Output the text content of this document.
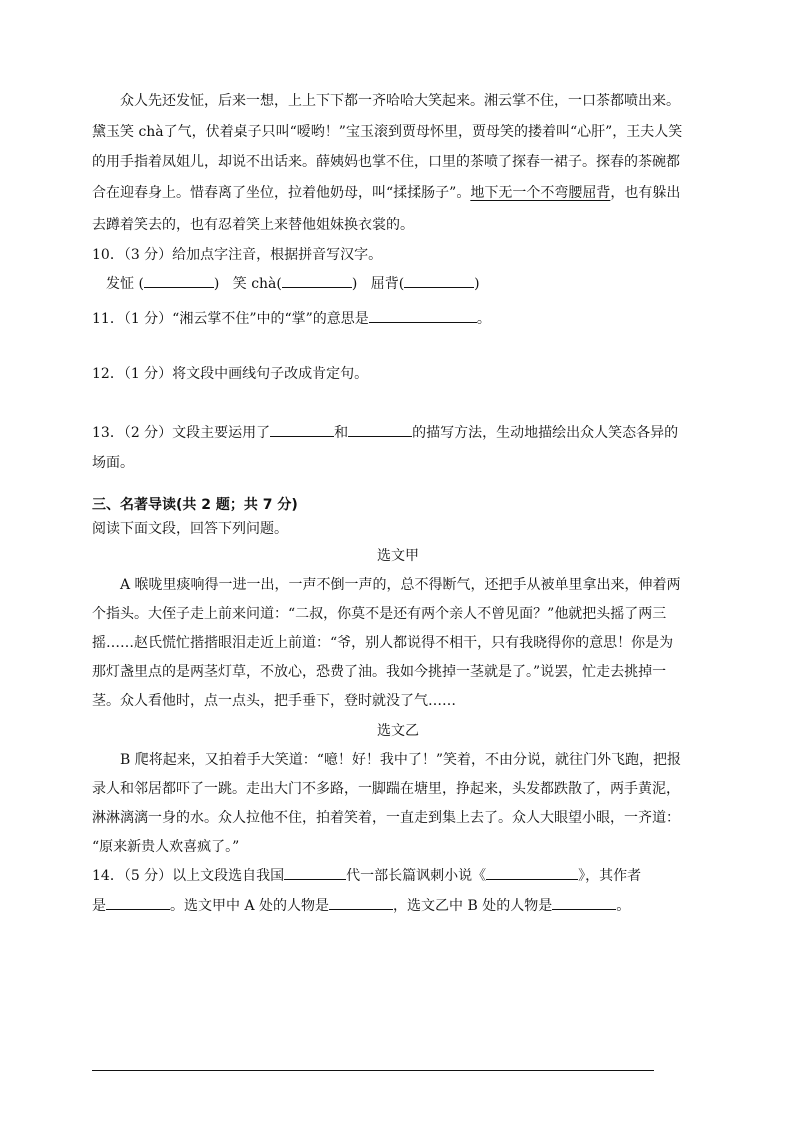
众人先还发怔，后来一想，上上下下都一齐哈哈大笑起来。湘云掌不住，一口茶都喷出来。

黛玉笑 chà了气，伏着桌子只叫“嗳哟！”宝玉滚到贾母怀里，贾母笑的搂着叫“心肝”，王夫人笑

的用手指着凤姐儿，却说不出话来。薛姨妈也掌不住，口里的茶喷了探春一裙子。探春的茶碗都

合在迎春身上。惜春离了坐位，拉着他奶母，叫“揉揉肠子”。地下无一个不弯腰屈背，也有躲出

去蹲着笑去的，也有忍着笑上来替他姐妹换衣裳的。

10．（3 分）给加点字注音，根据拼音写汉字。

发怔 (	) 笑 chà(	) 屈背(	)

11．（1 分）“湘云掌不住”中的“掌”的意思是	。

12．（1 分）将文段中画线句子改成肯定句。

13．（2 分）文段主要运用了	和	的描写方法，生动地描绘出众人笑态各异的

场面。

三、名著导读(共 2 题；共 7 分)

阅读下面文段，回答下列问题。

选文甲

A 喉咙里痰响得一进一出，一声不倒一声的，总不得断气，还把手从被单里拿出来，伸着两

个指头。大侄子走上前来问道：“二叔，你莫不是还有两个亲人不曾见面？”他就把头摇了两三

摇……赵氏慌忙揩揩眼泪走近上前道：“爷，别人都说得不相干，只有我晓得你的意思！你是为

那灯盏里点的是两茎灯草，不放心，恐费了油。我如今挑掉一茎就是了。”说罢，忙走去挑掉一

茎。众人看他时，点一点头，把手垂下，登时就没了气……

选文乙

B 爬将起来，又拍着手大笑道：“噫！好！我中了！”笑着，不由分说，就往门外飞跑，把报

录人和邻居都吓了一跳。走出大门不多路，一脚踹在塘里，挣起来，头发都跌散了，两手黄泥，

淋淋漓漓一身的水。众人拉他不住，拍着笑着，一直走到集上去了。众人大眼望小眼，一齐道：

“原来新贵人欢喜疯了。”

14．（5 分）以上文段选自我国	代一部长篇讽刺小说《	》，其作者

是	。选文甲中 A 处的人物是	，选文乙中 B 处的人物是	。
